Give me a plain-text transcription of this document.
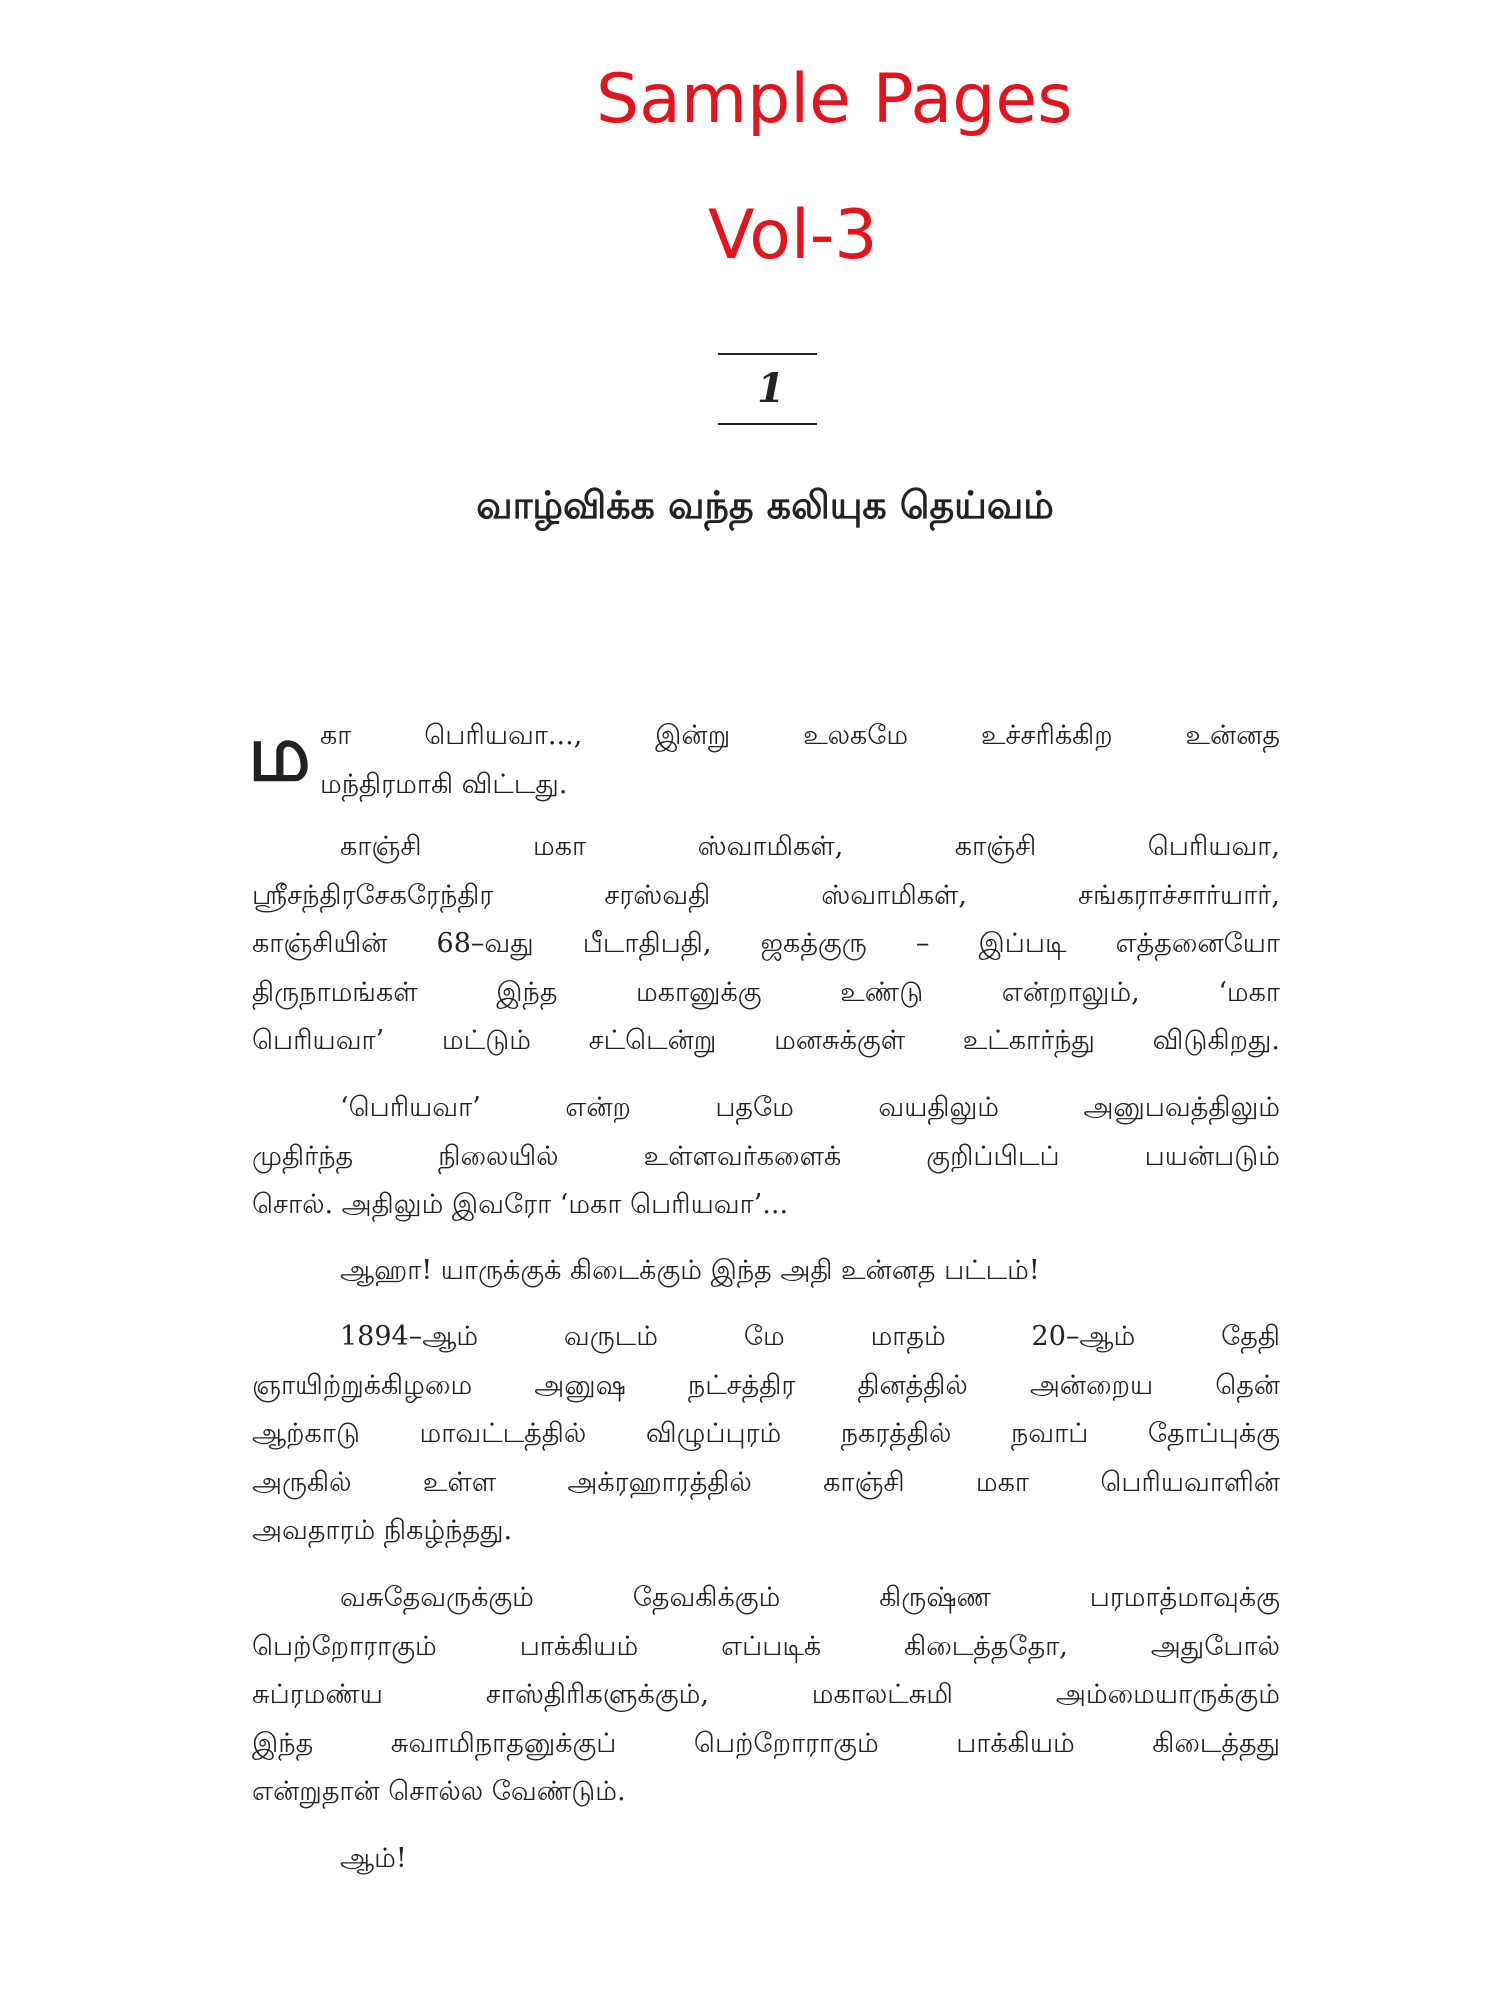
Sample Pages
Vol-3
1
வாழ்விக்க வந்த கலியுக தெய்வம்
ம கா பெரியவா..., இன்று உலகமே உச்சரிக்கிற உன்னத
மந்திரமாகி விட்டது.
காஞ்சி மகா ஸ்வாமிகள், காஞ்சி பெரியவா,
ஸ்ரீசந்திரசேகரேந்திர சரஸ்வதி ஸ்வாமிகள், சங்கராச்சார்யார்,
காஞ்சியின் 68–வது பீடாதிபதி, ஜகத்குரு – இப்படி எத்தனையோ
திருநாமங்கள் இந்த மகானுக்கு உண்டு என்றாலும், ‘மகா
பெரியவா’ மட்டும் சட்டென்று மனசுக்குள் உட்கார்ந்து விடுகிறது.
‘பெரியவா’ என்ற பதமே வயதிலும் அனுபவத்திலும்
முதிர்ந்த நிலையில் உள்ளவர்களைக் குறிப்பிடப் பயன்படும்
சொல். அதிலும் இவரோ ‘மகா பெரியவா’...
ஆஹா! யாருக்குக் கிடைக்கும் இந்த அதி உன்னத பட்டம்!
1894–ஆம் வருடம் மே மாதம் 20–ஆம் தேதி
ஞாயிற்றுக்கிழமை அனுஷ நட்சத்திர தினத்தில் அன்றைய தென்
ஆற்காடு மாவட்டத்தில் விழுப்புரம் நகரத்தில் நவாப் தோப்புக்கு
அருகில் உள்ள அக்ரஹாரத்தில் காஞ்சி மகா பெரியவாளின்
அவதாரம் நிகழ்ந்தது.
வசுதேவருக்கும் தேவகிக்கும் கிருஷ்ண பரமாத்மாவுக்கு
பெற்றோராகும் பாக்கியம் எப்படிக் கிடைத்ததோ, அதுபோல்
சுப்ரமண்ய சாஸ்திரிகளுக்கும், மகாலட்சுமி அம்மையாருக்கும்
இந்த சுவாமிநாதனுக்குப் பெற்றோராகும் பாக்கியம் கிடைத்தது
என்றுதான் சொல்ல வேண்டும்.
ஆம்!
